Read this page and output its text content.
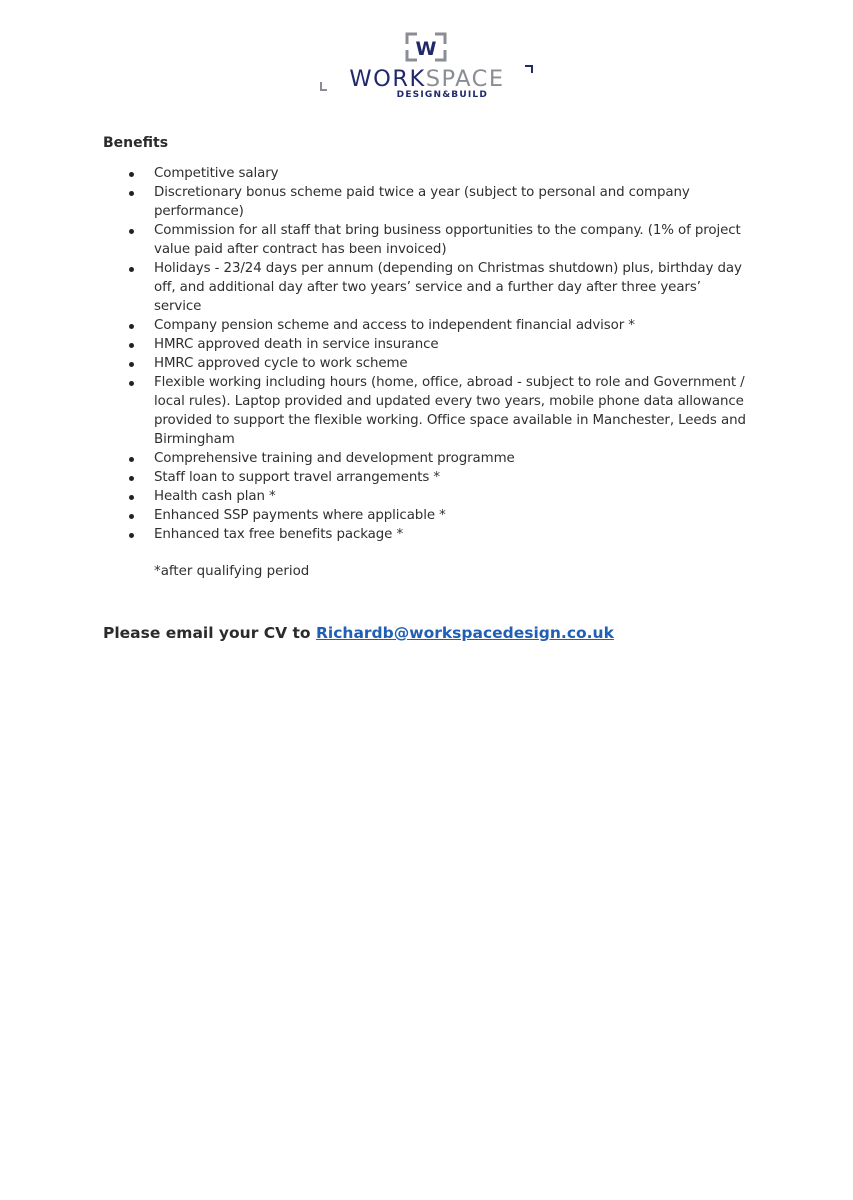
W
WORKSPACE
DESIGN&BUILD
Benefits
Competitive salary
Discretionary bonus scheme paid twice a year (subject to personal and company performance)
Commission for all staff that bring business opportunities to the company. (1% of project value paid after contract has been invoiced)
Holidays - 23/24 days per annum (depending on Christmas shutdown) plus, birthday day off, and additional day after two years’ service and a further day after three years’ service
Company pension scheme and access to independent financial advisor *
HMRC approved death in service insurance
HMRC approved cycle to work scheme
Flexible working including hours (home, office, abroad - subject to role and Government / local rules). Laptop provided and updated every two years, mobile phone data allowance provided to support the flexible working. Office space available in Manchester, Leeds and Birmingham
Comprehensive training and development programme
Staff loan to support travel arrangements *
Health cash plan *
Enhanced SSP payments where applicable *
Enhanced tax free benefits package *
*after qualifying period
Please email your CV to Richardb@workspacedesign.co.uk
